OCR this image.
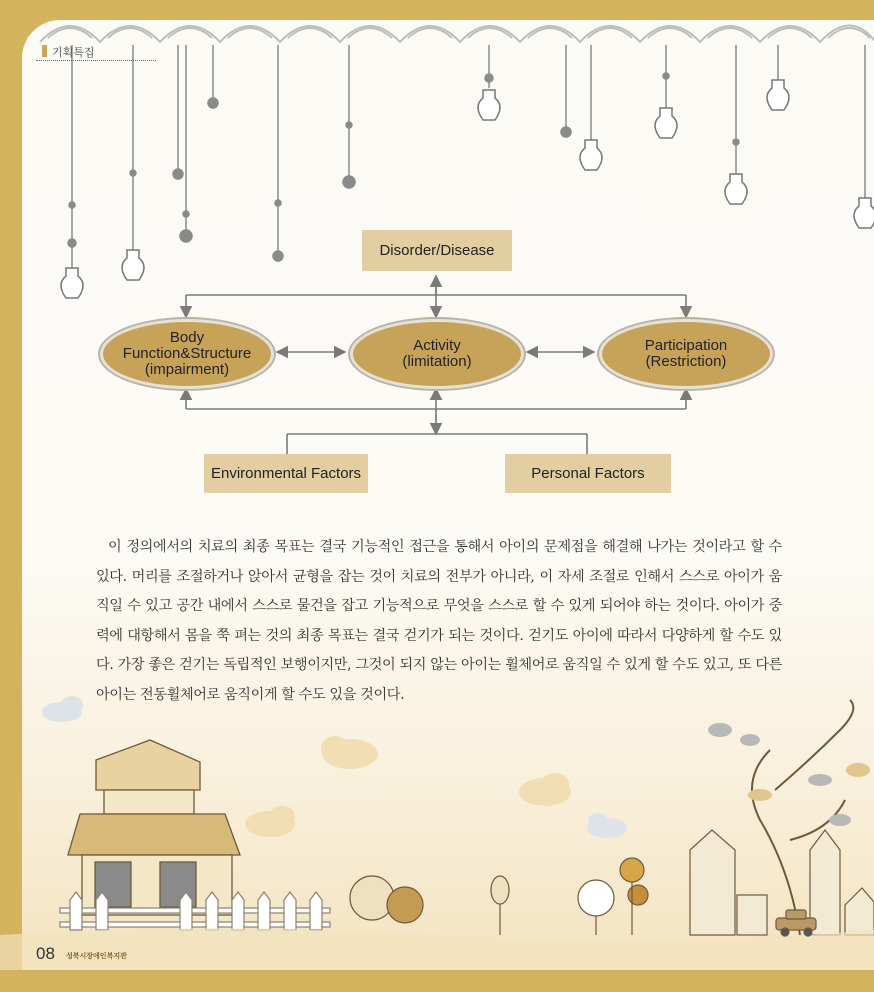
기획특집
Disorder/Disease
Body
Function&Structure
(impairment)
Activity
(limitation)
Participation
(Restriction)
Environmental Factors	Personal Factors
이 정의에서의 치료의 최종 목표는 결국 기능적인 접근을 통해서 아이의 문제점을 해결해 나가는 것이라고 할 수 있다. 머리를 조절하거나 앉아서 균형을 잡는 것이 치료의 전부가 아니라, 이 자세 조절로 인해서 스스로 아이가 움직일 수 있고 공간 내에서 스스로 물건을 잡고 기능적으로 무엇을 스스로 할 수 있게 되어야 하는 것이다. 아이가 중력에 대항해서 몸을 쭉 펴는 것의 최종 목표는 결국 걷기가 되는 것이다. 걷기도 아이에 따라서 다양하게 할 수도 있다. 가장 좋은 걷기는 독립적인 보행이지만, 그것이 되지 않는 아이는 휠체어로 움직일 수 있게 할 수도 있고, 또 다른 아이는 전동휠체어로 움직이게 할 수도 있을 것이다.
08 성북시장애인복지관
